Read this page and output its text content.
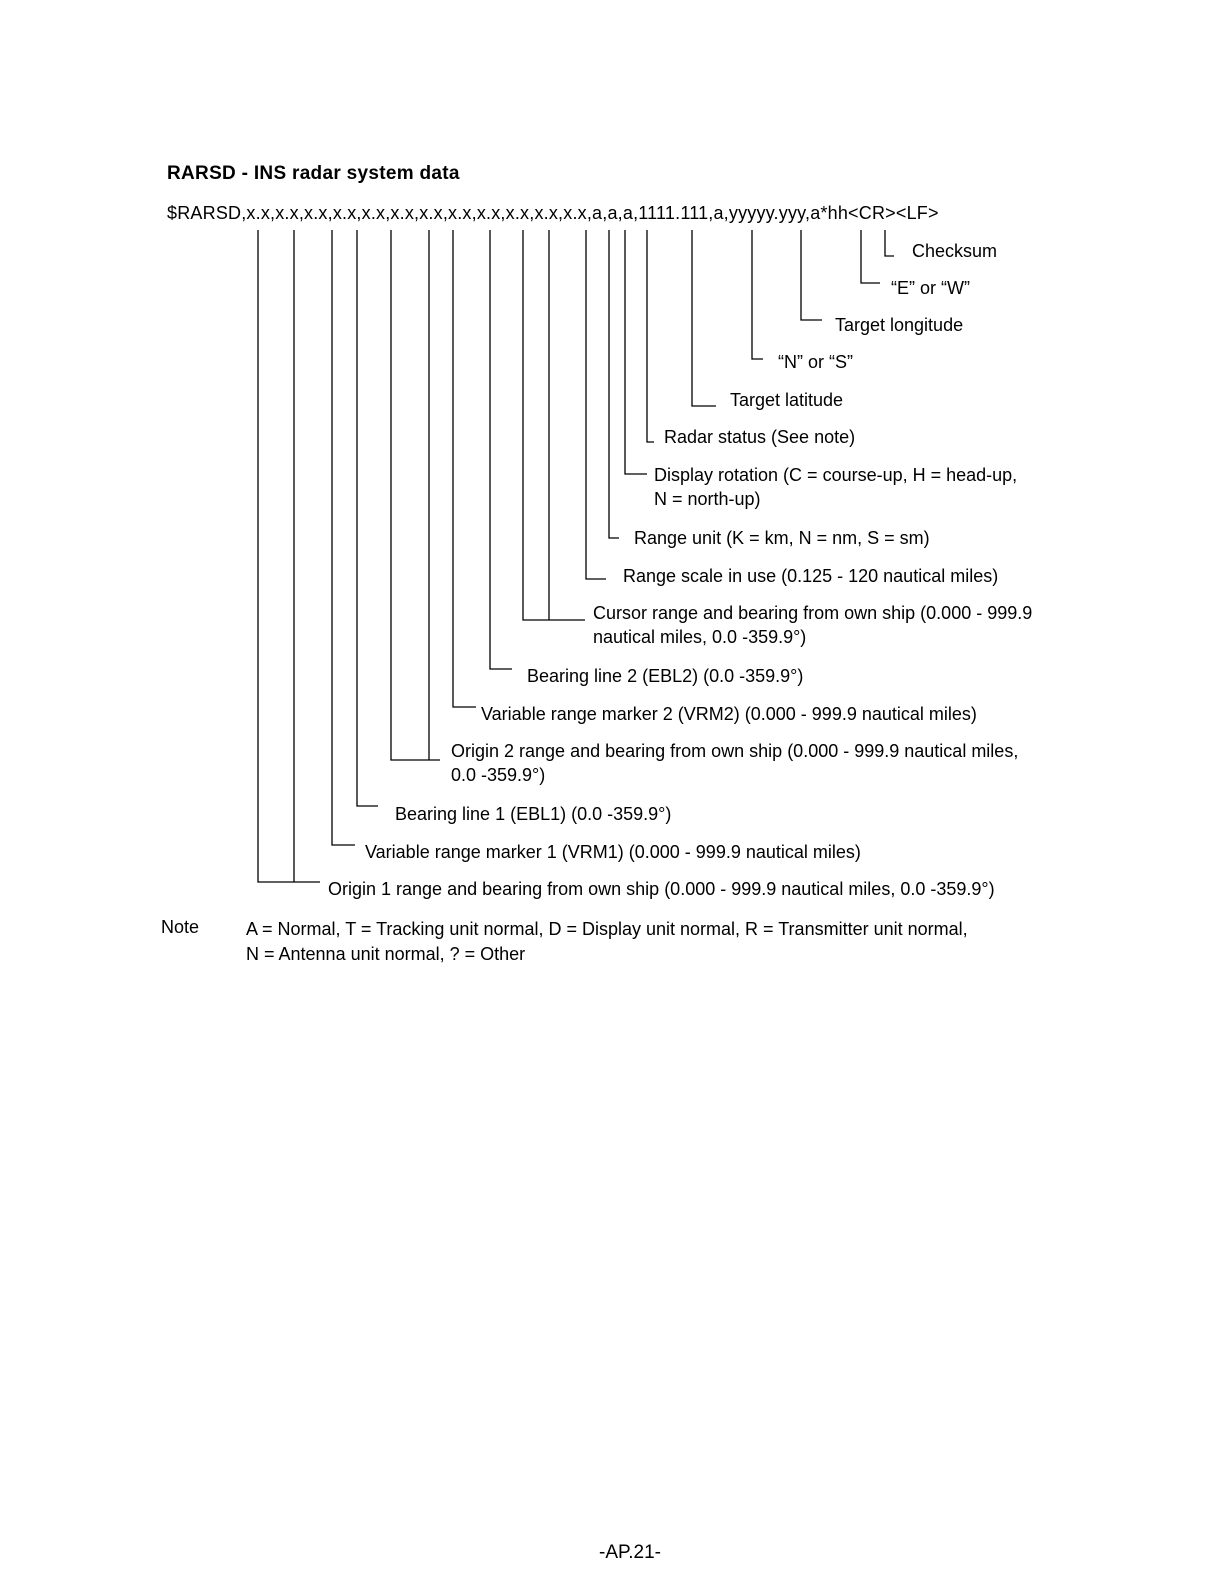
RARSD - INS radar system data
$RARSD,x.x,x.x,x.x,x.x,x.x,x.x,x.x,x.x,x.x,x.x,x.x,x.x,a,a,a,1111.111,a,yyyyy.yyy,a*hh<CR><LF>
Checksum
“E” or “W”
Target longitude
“N” or “S”
Target latitude
Radar status (See note)
Display rotation (C = course-up, H = head-up,
N = north-up)
Range unit (K = km, N = nm, S = sm)
Range scale in use (0.125 - 120 nautical miles)
Cursor range and bearing from own ship (0.000 - 999.9
nautical miles, 0.0 -359.9°)
Bearing line 2 (EBL2) (0.0 -359.9°)
Variable range marker 2 (VRM2) (0.000 - 999.9 nautical miles)
Origin 2 range and bearing from own ship (0.000 - 999.9 nautical miles,
0.0 -359.9°)
Bearing line 1 (EBL1) (0.0 -359.9°)
Variable range marker 1 (VRM1) (0.000 - 999.9 nautical miles)
Origin 1 range and bearing from own ship (0.000 - 999.9 nautical miles, 0.0 -359.9°)
Note	A = Normal, T = Tracking unit normal, D = Display unit normal, R = Transmitter unit normal,
N = Antenna unit normal, ? = Other
-AP.21-
